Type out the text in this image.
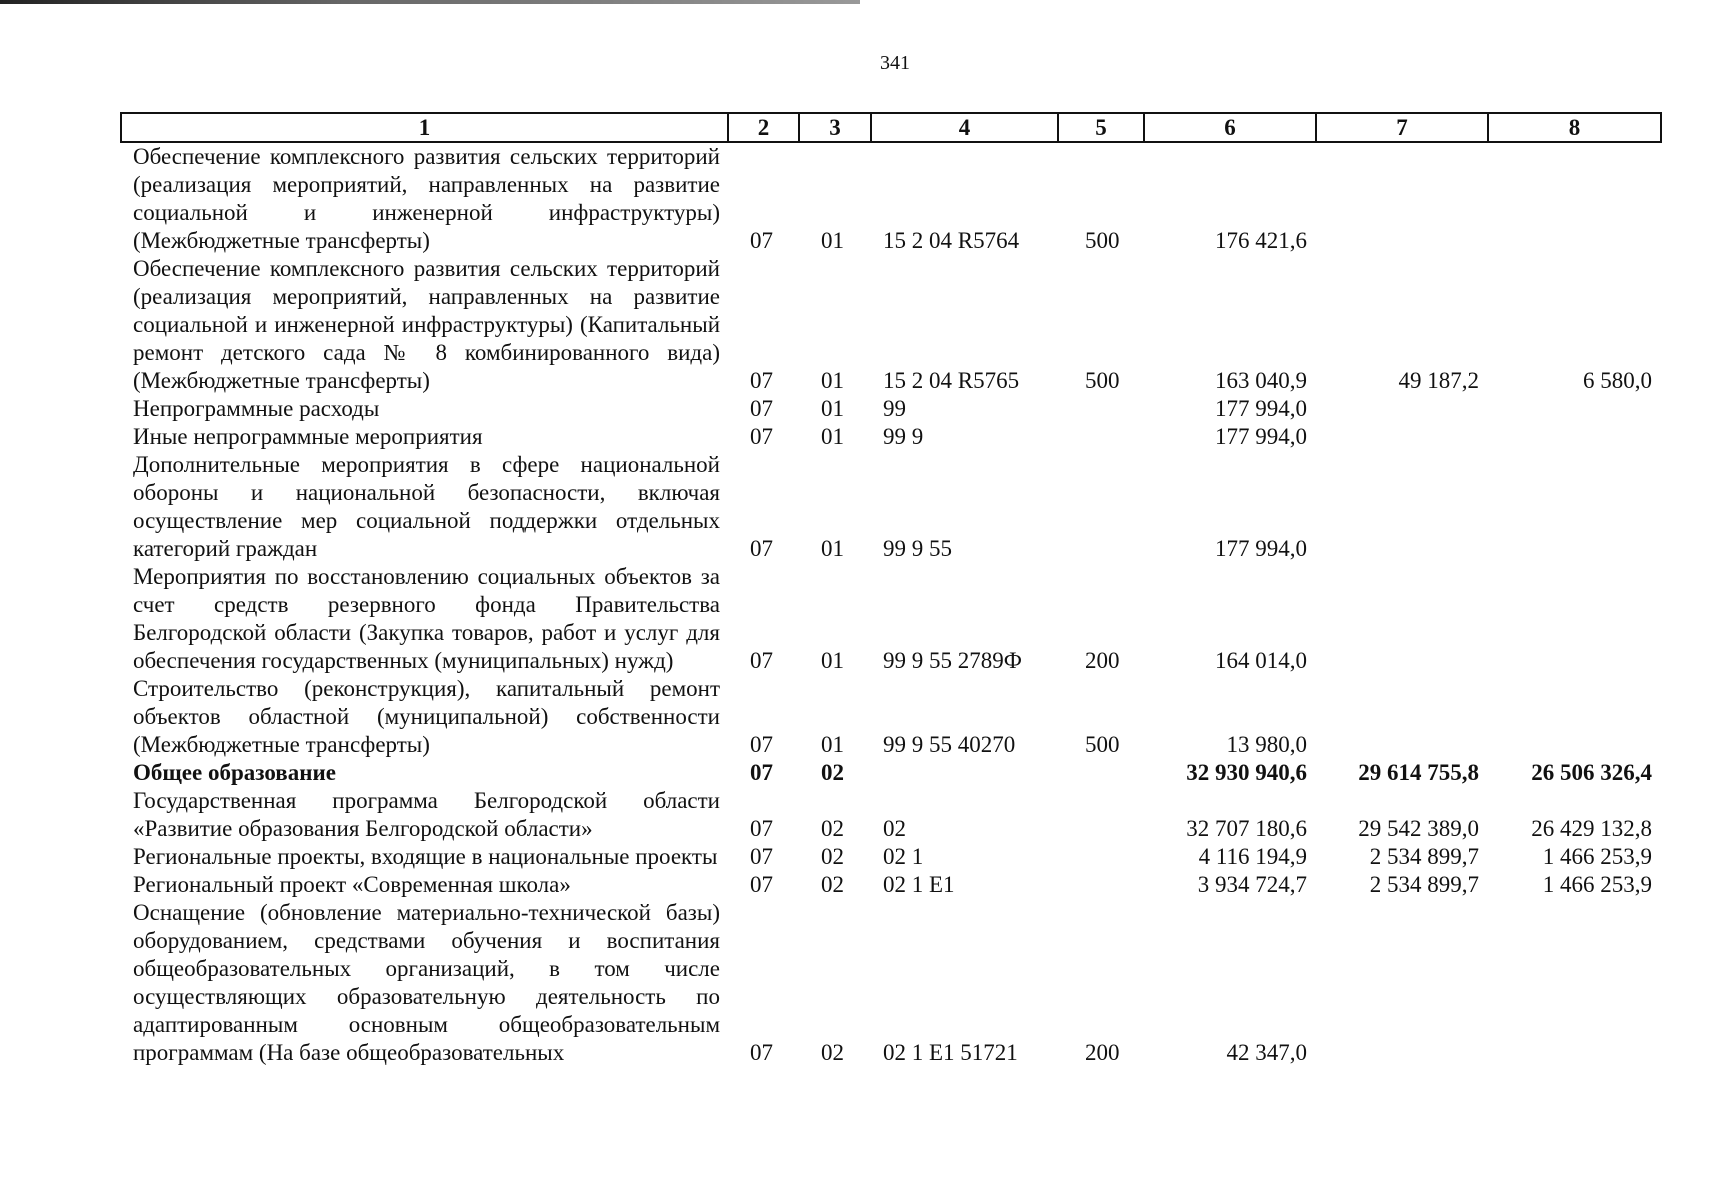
341
1	2	3	4	5	6	7	8
Обеспечение комплексного развития сельских территорий (реализация мероприятий, направленных на развитие социальной и инженерной инфраструктуры) (Межбюджетные трансферты)	07	01	15 2 04 R5764	500	176 421,6		
Обеспечение комплексного развития сельских территорий (реализация мероприятий, направленных на развитие социальной и инженерной инфраструктуры) (Капитальный ремонт детского сада № 8 комбинированного вида) (Межбюджетные трансферты)	07	01	15 2 04 R5765	500	163 040,9	49 187,2	6 580,0
Непрограммные расходы	07	01	99		177 994,0		
Иные непрограммные мероприятия	07	01	99 9		177 994,0		
Дополнительные мероприятия в сфере национальной обороны и национальной безопасности, включая осуществление мер социальной поддержки отдельных категорий граждан	07	01	99 9 55		177 994,0		
Мероприятия по восстановлению социальных объектов за счет средств резервного фонда Правительства Белгородской области (Закупка товаров, работ и услуг для обеспечения государственных (муниципальных) нужд)	07	01	99 9 55 2789Ф	200	164 014,0		
Строительство (реконструкция), капитальный ремонт объектов областной (муниципальной) собственности (Межбюджетные трансферты)	07	01	99 9 55 40270	500	13 980,0		
Общее образование	07	02			32 930 940,6	29 614 755,8	26 506 326,4
Государственная программа Белгородской области «Развитие образования Белгородской области»	07	02	02		32 707 180,6	29 542 389,0	26 429 132,8
Региональные проекты, входящие в национальные проекты	07	02	02 1		4 116 194,9	2 534 899,7	1 466 253,9
Региональный проект «Современная школа»	07	02	02 1 E1		3 934 724,7	2 534 899,7	1 466 253,9
Оснащение (обновление материально-технической базы) оборудованием, средствами обучения и воспитания общеобразовательных организаций, в том числе осуществляющих образовательную деятельность по адаптированным основным общеобразовательным программам (На базе общеобразовательных	07	02	02 1 E1 51721	200	42 347,0		
